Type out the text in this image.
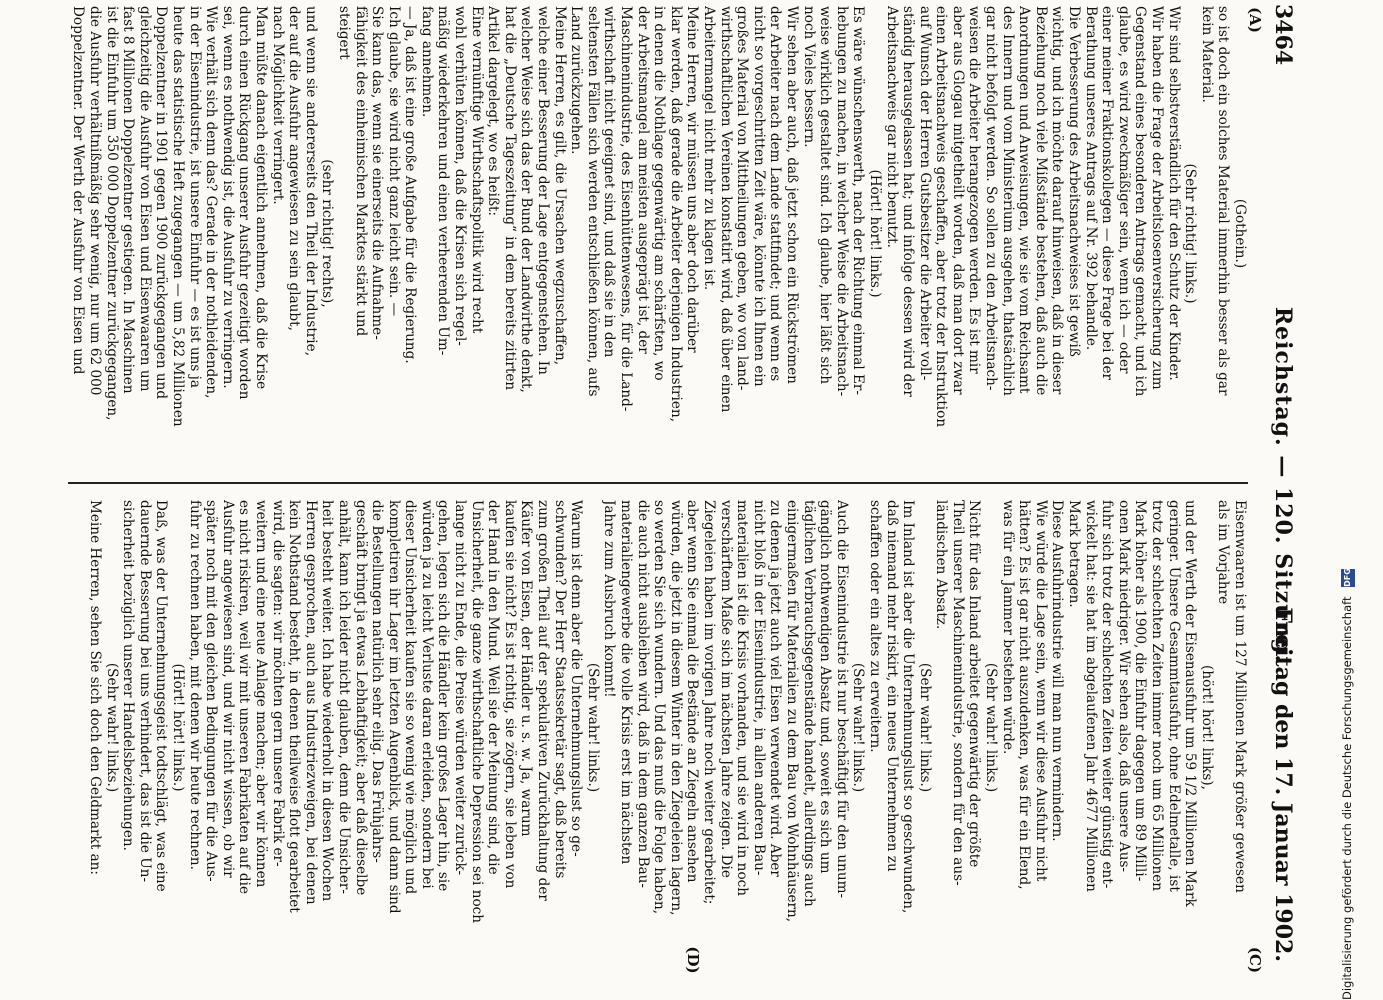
3464
Reichstag. — 120. Sitzung.
Freitag den 17. Januar 1902.
(A)
(C)
(D)
(Gothein.)
so ist doch ein solches Material immerhin besser als gar
kein Material.
(Sehr richtig! links.)
Wir sind selbstverständlich für den Schutz der Kinder.
Wir haben die Frage der Arbeitslosenversicherung zum
Gegenstand eines besonderen Antrags gemacht, und ich
glaube, es wird zweckmäßiger sein, wenn ich — oder
einer meiner Fraktionskollegen — diese Frage bei der
Berathung unseres Antrags auf Nr. 392 behandle.
Die Verbesserung des Arbeitsnachweises ist gewiß
wichtig, und ich möchte darauf hinweisen, daß in dieser
Beziehung noch viele Mißstände bestehen, daß auch die
Anordnungen und Anweisungen, wie sie vom Reichsamt
des Innern und vom Ministerium ausgehen, thatsächlich
gar nicht befolgt werden. So sollen zu den Arbeitsnach-
weisen die Arbeiter herangezogen werden. Es ist mir
aber aus Glogau mitgetheilt worden, daß man dort zwar
einen Arbeitsnachweis geschaffen, aber trotz der Instruktion
auf Wunsch der Herren Gutsbesitzer die Arbeiter voll-
ständig herausgelassen hat; und infolge dessen wird der
Arbeitsnachweis gar nicht benutzt.
(Hört! hört! links.)
Es wäre wünschenswerth, nach der Richtung einmal Er-
hebungen zu machen, in welcher Weise die Arbeitsnach-
weise wirklich gestaltet sind. Ich glaube, hier läßt sich
noch Vieles bessern.
Wir sehen aber auch, daß jetzt schon ein Rückströmen
der Arbeiter nach dem Lande stattfindet; und wenn es
nicht so vorgeschritten Zeit wäre, könnte ich Ihnen ein
großes Material von Mittheilungen geben, wo von land-
wirthschaftlichen Vereinen konstatirt wird, daß über einen
Arbeitermangel nicht mehr zu klagen ist.
Meine Herren, wir müssen uns aber doch darüber
klar werden, daß gerade die Arbeiter derjenigen Industrien,
in denen die Nothlage gegenwärtig am schärfsten, wo
der Arbeitsmangel am meisten ausgeprägt ist, der
Maschinenindustrie, des Eisenhüttenwesens, für die Land-
wirthschaft nicht geeignet sind, und daß sie in den
seltensten Fällen sich werden entschließen können, aufs
Land zurückzugehen.
Meine Herren, es gilt, die Ursachen wegzuschaffen,
welche einer Besserung der Lage entgegenstehen. In
welcher Weise sich das der Bund der Landwirthe denkt,
hat die „Deutsche Tageszeitung“ in dem bereits zitirten
Artikel dargelegt, wo es heißt:
Eine vernünftige Wirthschaftspolitik wird recht
wohl verhüten können, daß die Krisen sich regel-
mäßig wiederkehren und einen verheerenden Um-
fang annehmen.
— Ja, daß ist eine große Aufgabe für die Regierung.
Ich glaube, sie wird nicht ganz leicht sein. —
Sie kann das, wenn sie einerseits die Aufnahme-
fähigkeit des einheimischen Marktes stärkt und
steigert
(sehr richtig! rechts),
und wenn sie andererseits den Theil der Industrie,
der auf die Ausfuhr angewiesen zu sein glaubt,
nach Möglichkeit verringert.
Man müßte danach eigentlich annehmen, daß die Krise
durch einen Rückgang unserer Ausfuhr gezeitigt worden
sei, wenn es nothwendig ist, die Ausfuhr zu verringern.
Wie verhält sich denn das? Gerade in der nothleidenden,
in der Eisenindustrie, ist unsere Einfuhr — es ist uns ja
heute das statistische Heft zugegangen — um 5,82 Millionen
Doppelzentner in 1901 gegen 1900 zurückgegangen und
gleichzeitig die Ausfuhr von Eisen und Eisenwaaren um
fast 8 Millionen Doppelzentner gestiegen. In Maschinen
ist die Einfuhr um 350 000 Doppelzentner zurückgegangen,
die Ausfuhr verhältnißmäßig sehr wenig, nur um 62 000
Doppelzentner. Der Werth der Ausfuhr von Eisen und
Eisenwaaren ist um 127 Millionen Mark größer gewesen
als im Vorjahre
(hört! hört! links),
und der Werth der Eisenausfuhr um 59 1/2 Millionen Mark
geringer. Unsere Gesammtausfuhr, ohne Edelmetalle, ist
trotz der schlechten Zeiten immer noch um 65 Millionen
Mark höher als 1900, die Einfuhr dagegen um 89 Milli-
onen Mark niedriger. Wir sehen also, daß unsere Aus-
fuhr sich trotz der schlechten Zeiten weiter günstig ent-
wickelt hat: sie hat im abgelaufenen Jahr 4677 Millionen
Mark betragen.
Diese Ausfuhrindustrie will man nun vermindern.
Wie würde die Lage sein, wenn wir diese Ausfuhr nicht
hätten? Es ist gar nicht auszudenken, was für ein Elend,
was für ein Jammer bestehen würde.
(Sehr wahr! links.)
Nicht für das Inland arbeitet gegenwärtig der größte
Theil unserer Maschinenindustrie, sondern für den aus-
ländischen Absatz.
(Sehr wahr! links.)
Im Inland ist aber die Unternehmungslust so geschwunden,
daß niemand mehr riskirt, ein neues Unternehmen zu
schaffen oder ein altes zu erweitern.
(Sehr wahr! links.)
Auch die Eisenindustrie ist nur beschäftigt für den unum-
gänglich nothwendigen Absatz und, soweit es sich um
täglichen Verbrauchsgegenstände handelt, allerdings auch
einigermaßen für Materialien zu dem Bau von Wohnhäusern,
zu denen ja jetzt auch viel Eisen verwendet wird. Aber
nicht bloß in der Eisenindustrie, in allen anderen Bau-
materialien ist die Krisis vorhanden, und sie wird in noch
verschärftem Maße sich im nächsten Jahre zeigen. Die
Ziegeleien haben im vorigen Jahre noch weiter gearbeitet;
aber wenn Sie einmal die Bestände an Ziegeln ansehen
würden, die jetzt in diesem Winter in den Ziegeleien lagern,
so werden Sie sich wundern. Und das muß die Folge haben,
die auch nicht ausbleiben wird, daß in dem ganzen Bau-
materialiengewerbe die volle Krisis erst im nächsten
Jahre zum Ausbruch kommt!
(Sehr wahr! links.)
Warum ist denn aber die Unternehmungslust so ge-
schwunden? Der Herr Staatssekretär sagt, daß bereits
zum großen Theil auf der spekulativen Zurückhaltung der
Käufer von Eisen, der Händler u. s. w. Ja, warum
kaufen sie nicht? Es ist richtig, sie zögern, sie leben von
der Hand in den Mund. Weil sie der Meinung sind, die
Unsicherheit, die ganze wirthschaftliche Depression sei noch
lange nicht zu Ende, die Preise würden weiter zurück-
gehen, legen sich die Händler kein großes Lager hin, sie
würden ja zu leicht Verluste daran erleiden, sondern bei
dieser Unsicherheit kaufen sie so wenig wie möglich und
kompletiren ihr Lager im letzten Augenblick, und dann sind
die Bestellungen natürlich sehr eilig. Das Frühjahrs-
geschäft bringt ja etwas Lebhaftigkeit; aber daß dieselbe
anhält, kann ich leider nicht glauben, denn die Unsicher-
heit besteht weiter. Ich habe wiederholt in diesen Wochen
Herren gesprochen, auch aus Industriezweigen, bei denen
kein Nothstand besteht, in denen theilweise flott gearbeitet
wird, die sagten: wir möchten gern unsere Fabrik er-
weitern und eine neue Anlage machen; aber wir können
es nicht riskiren, weil wir mit unseren Fabrikaten auf die
Ausfuhr angewiesen sind, und wir nicht wissen, ob wir
später noch mit den gleichen Bedingungen für die Aus-
fuhr zu rechnen haben, mit denen wir heute rechnen.
(Hört! hört! links.)
Daß, was der Unternehmungsgeist todtschlägt, was eine
dauernde Besserung bei uns verhindert, das ist die Un-
sicherheit bezüglich unserer Handelsbeziehungen.
(Sehr wahr! links.)
Meine Herren, sehen Sie sich doch den Geldmarkt an:	Digitalisierung gefördert durch die Deutsche Forschungsgemeinschaft DFG
